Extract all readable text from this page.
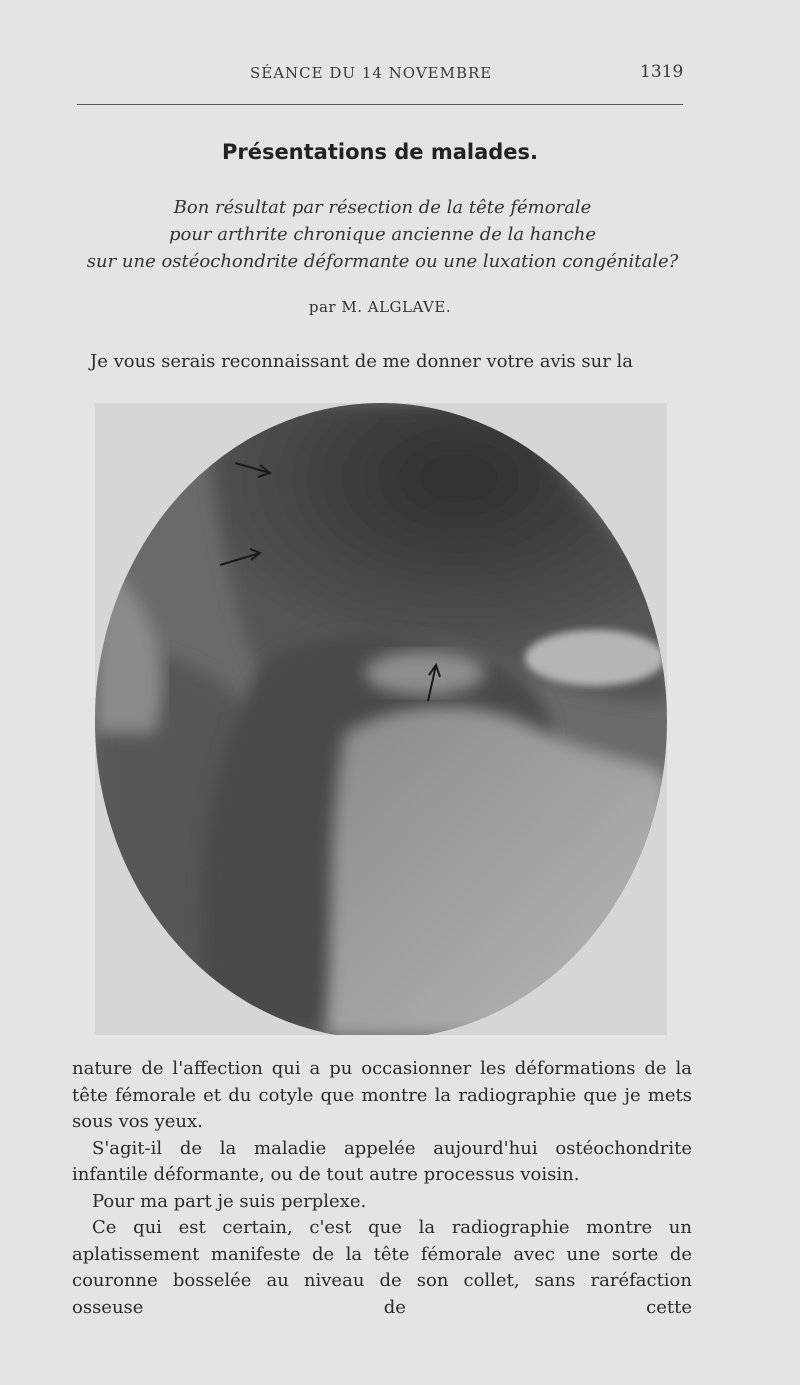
SÉANCE DU 14 NOVEMBRE	1319
Présentations de malades.
Bon résultat par résection de la tête fémorale
pour arthrite chronique ancienne de la hanche
sur une ostéochondrite déformante ou une luxation congénitale?
par M. ALGLAVE.
Je vous serais reconnaissant de me donner votre avis sur la

nature de l'affection qui a pu occasionner les déformations de la tête fémorale et du cotyle que montre la radiographie que je mets sous vos yeux.

S'agit-il de la maladie appelée aujourd'hui ostéochondrite infantile déformante, ou de tout autre processus voisin.

Pour ma part je suis perplexe.

Ce qui est certain, c'est que la radiographie montre un aplatissement manifeste de la tête fémorale avec une sorte de couronne bosselée au niveau de son collet, sans raréfaction osseuse de cette
